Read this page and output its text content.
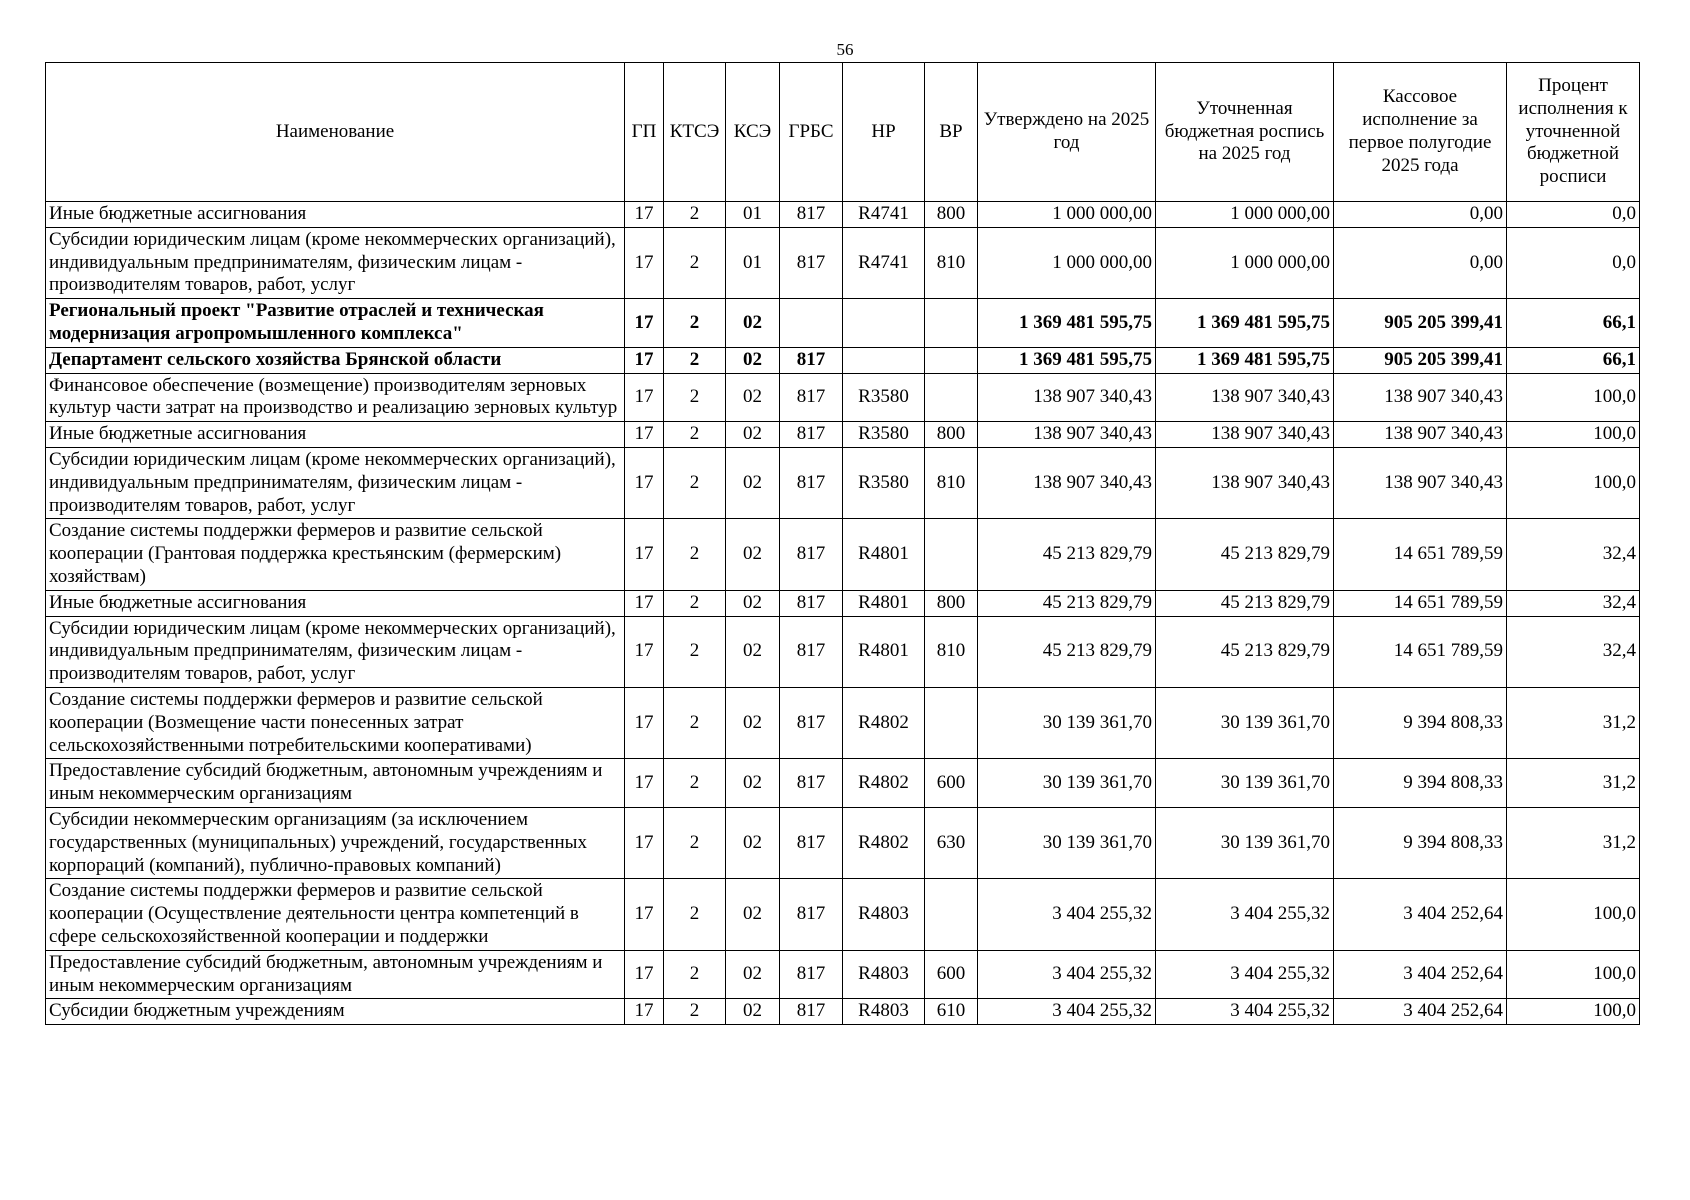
56
Наименование	ГП	КТСЭ	КСЭ	ГРБС	НР	ВР	Утверждено на 2025 год	Уточненная бюджетная роспись на 2025 год	Кассовое исполнение за первое полугодие 2025 года	Процент исполнения к уточненной бюджетной росписи
Иные бюджетные ассигнования	17	2	01	817	R4741	800	1 000 000,00	1 000 000,00	0,00	0,0
Субсидии юридическим лицам (кроме некоммерческих организаций), индивидуальным предпринимателям, физическим лицам - производителям товаров, работ, услуг	17	2	01	817	R4741	810	1 000 000,00	1 000 000,00	0,00	0,0
Региональный проект "Развитие отраслей и техническая модернизация агропромышленного комплекса"	17	2	02				1 369 481 595,75	1 369 481 595,75	905 205 399,41	66,1
Департамент сельского хозяйства Брянской области	17	2	02	817			1 369 481 595,75	1 369 481 595,75	905 205 399,41	66,1
Финансовое обеспечение (возмещение) производителям зерновых культур части затрат на производство и реализацию зерновых культур	17	2	02	817	R3580		138 907 340,43	138 907 340,43	138 907 340,43	100,0
Иные бюджетные ассигнования	17	2	02	817	R3580	800	138 907 340,43	138 907 340,43	138 907 340,43	100,0
Субсидии юридическим лицам (кроме некоммерческих организаций), индивидуальным предпринимателям, физическим лицам - производителям товаров, работ, услуг	17	2	02	817	R3580	810	138 907 340,43	138 907 340,43	138 907 340,43	100,0
Создание системы поддержки фермеров и развитие сельской кооперации (Грантовая поддержка крестьянским (фермерским) хозяйствам)	17	2	02	817	R4801		45 213 829,79	45 213 829,79	14 651 789,59	32,4
Иные бюджетные ассигнования	17	2	02	817	R4801	800	45 213 829,79	45 213 829,79	14 651 789,59	32,4
Субсидии юридическим лицам (кроме некоммерческих организаций), индивидуальным предпринимателям, физическим лицам - производителям товаров, работ, услуг	17	2	02	817	R4801	810	45 213 829,79	45 213 829,79	14 651 789,59	32,4
Создание системы поддержки фермеров и развитие сельской кооперации (Возмещение части понесенных затрат сельскохозяйственными потребительскими кооперативами)	17	2	02	817	R4802		30 139 361,70	30 139 361,70	9 394 808,33	31,2
Предоставление субсидий бюджетным, автономным учреждениям и иным некоммерческим организациям	17	2	02	817	R4802	600	30 139 361,70	30 139 361,70	9 394 808,33	31,2
Субсидии некоммерческим организациям (за исключением государственных (муниципальных) учреждений, государственных корпораций (компаний), публично-правовых компаний)	17	2	02	817	R4802	630	30 139 361,70	30 139 361,70	9 394 808,33	31,2
Создание системы поддержки фермеров и развитие сельской кооперации (Осуществление деятельности центра компетенций в сфере сельскохозяйственной кооперации и поддержки	17	2	02	817	R4803		3 404 255,32	3 404 255,32	3 404 252,64	100,0
Предоставление субсидий бюджетным, автономным учреждениям и иным некоммерческим организациям	17	2	02	817	R4803	600	3 404 255,32	3 404 255,32	3 404 252,64	100,0
Субсидии бюджетным учреждениям	17	2	02	817	R4803	610	3 404 255,32	3 404 255,32	3 404 252,64	100,0
